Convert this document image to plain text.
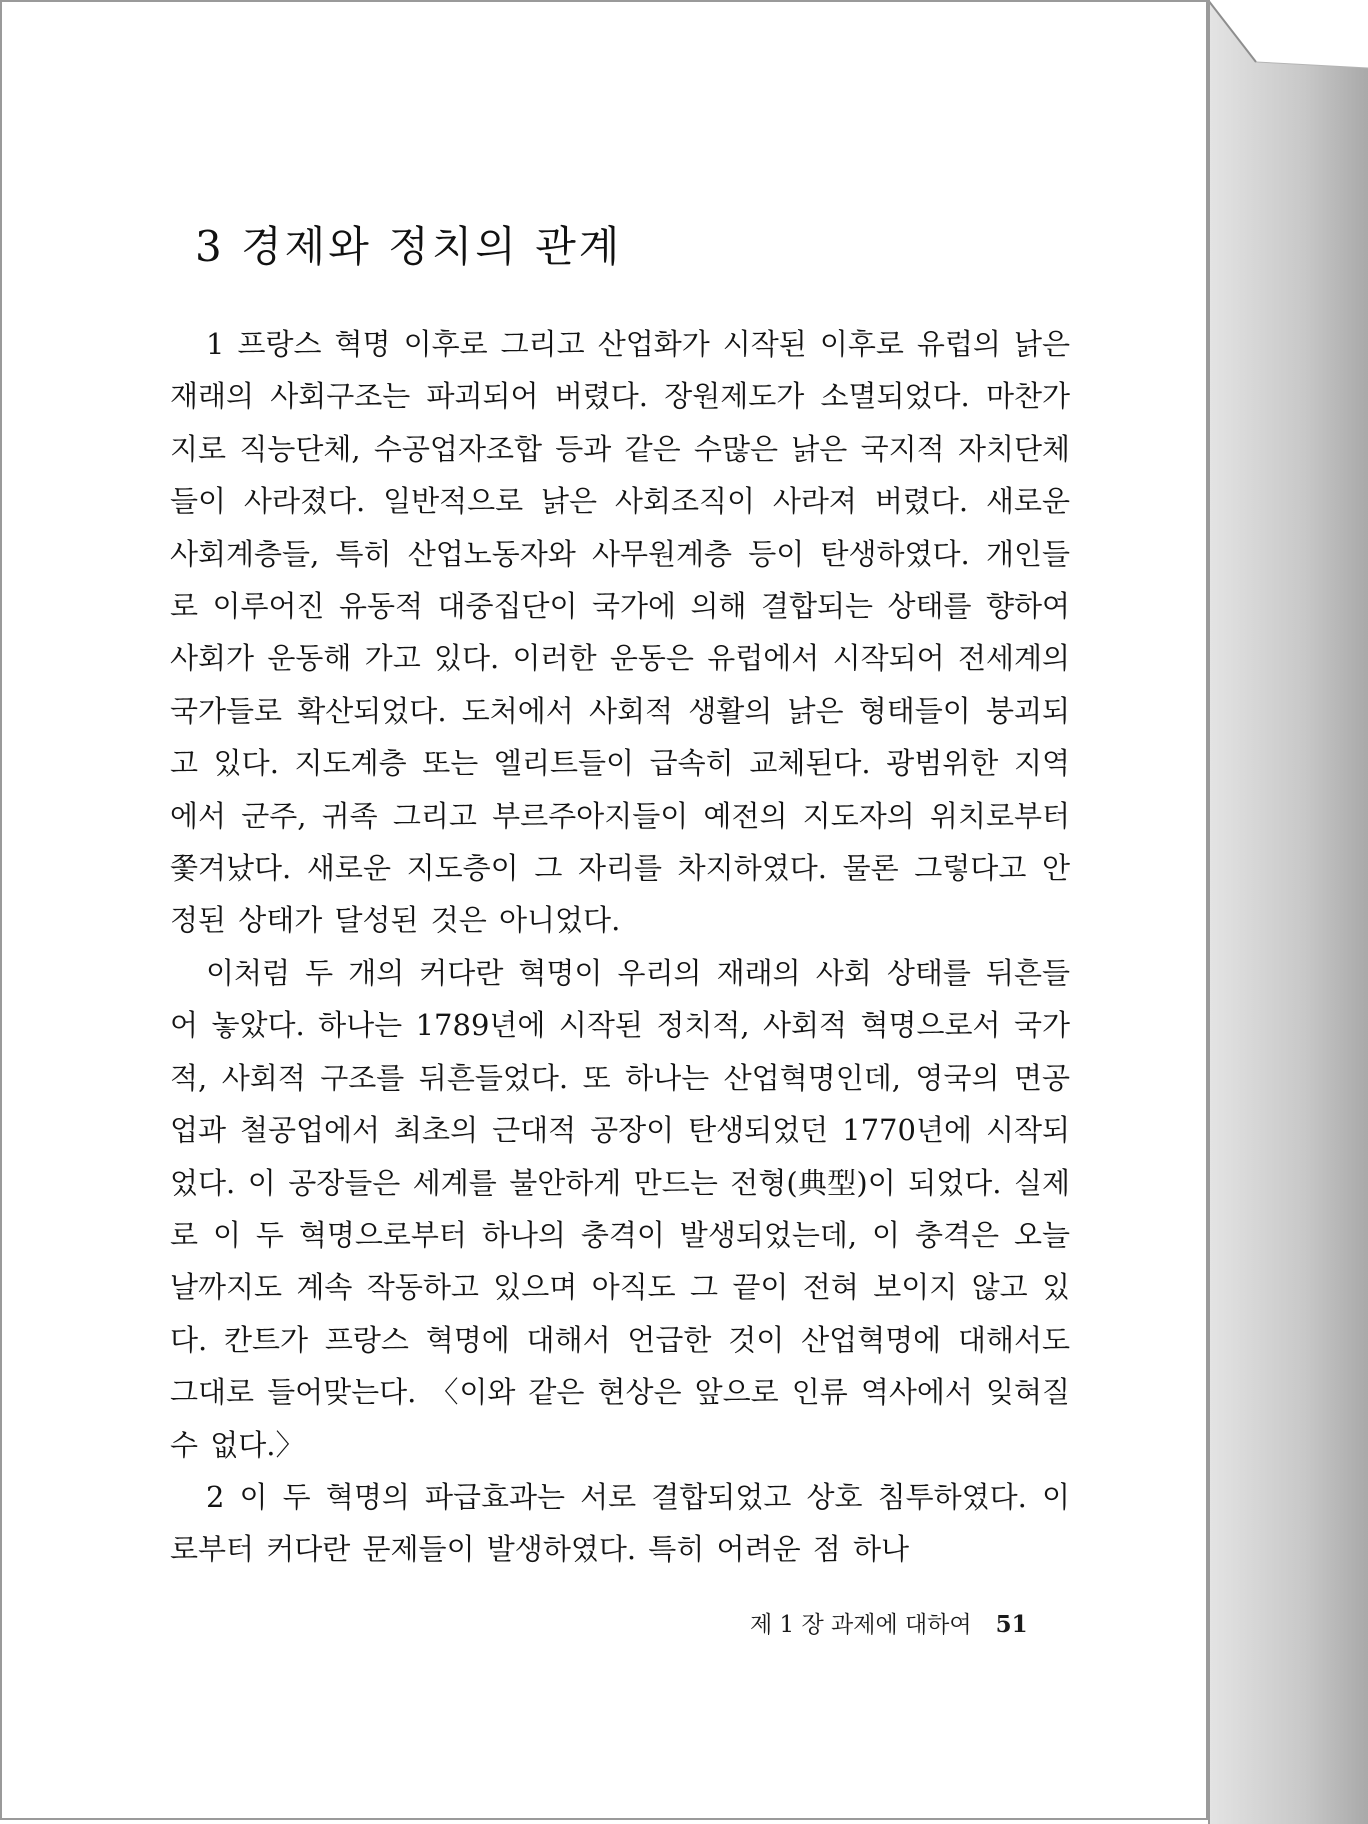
3 경제와 정치의 관계

1 프랑스 혁명 이후로 그리고 산업화가 시작된 이후로 유럽의 낡은 재래의 사회구조는 파괴되어 버렸다. 장원제도가 소멸되었다. 마찬가지로 직능단체, 수공업자조합 등과 같은 수많은 낡은 국지적 자치단체들이 사라졌다. 일반적으로 낡은 사회조직이 사라져 버렸다. 새로운 사회계층들, 특히 산업노동자와 사무원계층 등이 탄생하였다. 개인들로 이루어진 유동적 대중집단이 국가에 의해 결합되는 상태를 향하여 사회가 운동해 가고 있다. 이러한 운동은 유럽에서 시작되어 전세계의 국가들로 확산되었다. 도처에서 사회적 생활의 낡은 형태들이 붕괴되고 있다. 지도계층 또는 엘리트들이 급속히 교체된다. 광범위한 지역에서 군주, 귀족 그리고 부르주아지들이 예전의 지도자의 위치로부터 쫓겨났다. 새로운 지도층이 그 자리를 차지하였다. 물론 그렇다고 안정된 상태가 달성된 것은 아니었다.

이처럼 두 개의 커다란 혁명이 우리의 재래의 사회 상태를 뒤흔들어 놓았다. 하나는 1789년에 시작된 정치적, 사회적 혁명으로서 국가적, 사회적 구조를 뒤흔들었다. 또 하나는 산업혁명인데, 영국의 면공업과 철공업에서 최초의 근대적 공장이 탄생되었던 1770년에 시작되었다. 이 공장들은 세계를 불안하게 만드는 전형(典型)이 되었다. 실제로 이 두 혁명으로부터 하나의 충격이 발생되었는데, 이 충격은 오늘날까지도 계속 작동하고 있으며 아직도 그 끝이 전혀 보이지 않고 있다. 칸트가 프랑스 혁명에 대해서 언급한 것이 산업혁명에 대해서도 그대로 들어맞는다. 〈이와 같은 현상은 앞으로 인류 역사에서 잊혀질 수 없다.〉

2 이 두 혁명의 파급효과는 서로 결합되었고 상호 침투하였다. 이로부터 커다란 문제들이 발생하였다. 특히 어려운 점 하나

제 1 장 과제에 대하여 51
